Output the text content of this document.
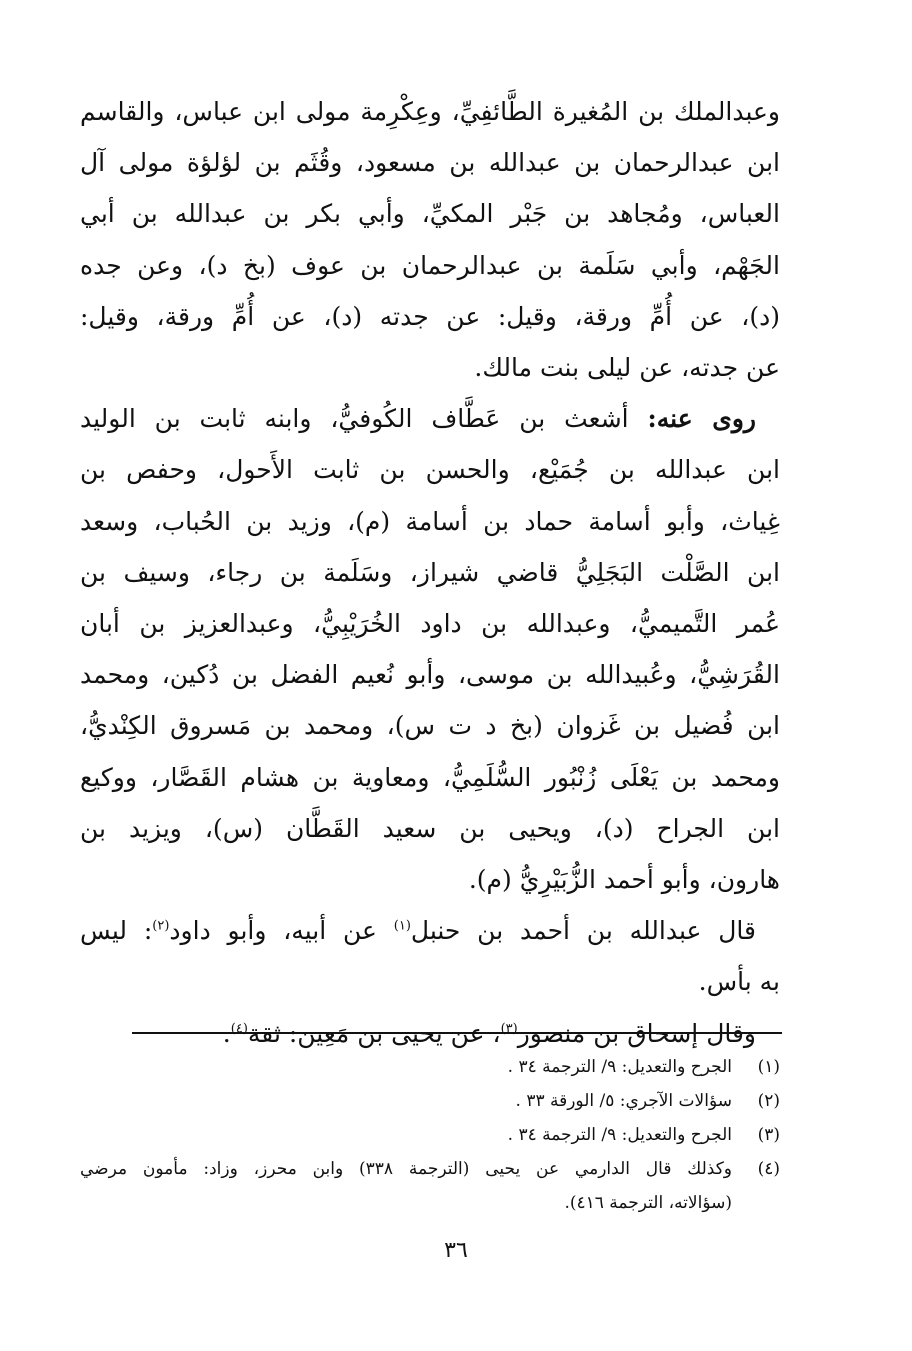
وعبدالملك بن المُغيرة الطَّائفِيِّ، وعِكْرِمة مولى ابن عباس، والقاسم
ابن عبدالرحمان بن عبدالله بن مسعود، وقُثَم بن لؤلؤة مولى آل
العباس، ومُجاهد بن جَبْر المكيِّ، وأبي بكر بن عبدالله بن أبي
الجَهْم، وأبي سَلَمة بن عبدالرحمان بن عوف (بخ د)، وعن جده
(د)، عن أُمِّ ورقة، وقيل: عن جدته (د)، عن أُمِّ ورقة، وقيل:
عن جدته، عن ليلى بنت مالك.
روى عنه: أشعث بن عَطَّاف الكُوفيُّ، وابنه ثابت بن الوليد
ابن عبدالله بن جُمَيْع، والحسن بن ثابت الأَحول، وحفص بن
غِياث، وأبو أسامة حماد بن أسامة (م)، وزيد بن الحُباب، وسعد
ابن الصَّلْت البَجَلِيُّ قاضي شيراز، وسَلَمة بن رجاء، وسيف بن
عُمر التَّميميُّ، وعبدالله بن داود الخُرَيْبِيُّ، وعبدالعزيز بن أبان
القُرَشِيُّ، وعُبيدالله بن موسى، وأبو نُعيم الفضل بن دُكين، ومحمد
ابن فُضيل بن غَزوان (بخ د ت س)، ومحمد بن مَسروق الكِنْديُّ،
ومحمد بن يَعْلَى زُنْبُور السُّلَمِيُّ، ومعاوية بن هشام القَصَّار، ووكيع
ابن الجراح (د)، ويحيى بن سعيد القَطَّان (س)، ويزيد بن
هارون، وأبو أحمد الزُّبَيْرِيُّ (م).
قال عبدالله بن أحمد بن حنبل$^{(١)}$ عن أبيه، وأبو داود$^{(٢)}$: ليس
به بأس.
وقال إسحاق بن منصور$^{(٣)}$، عن يحيى بن مَعِين: ثقة$^{(٤)}$.
(١)
الجرح والتعديل: ٩/ الترجمة ٣٤ .
(٢)
سؤالات الآجري: ٥/ الورقة ٣٣ .
(٣)
الجرح والتعديل: ٩/ الترجمة ٣٤ .
(٤)
وكذلك قال الدارمي عن يحيى (الترجمة ٣٣٨) وابن محرز، وزاد: مأمون مرضي
(سؤالاته، الترجمة ٤١٦).
٣٦
